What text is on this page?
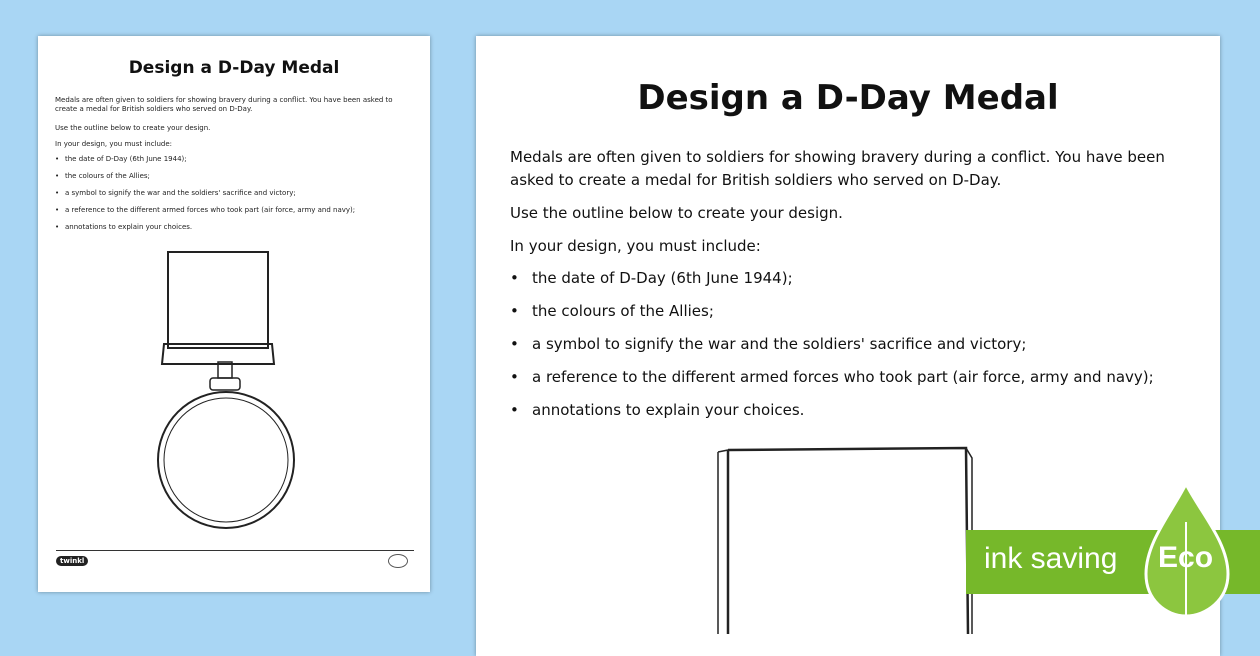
Design a D-Day Medal
Medals are often given to soldiers for showing bravery during a conflict. You have been asked to create a medal for British soldiers who served on D-Day.
Use the outline below to create your design.
In your design, you must include:
• the date of D-Day (6th June 1944);
• the colours of the Allies;
• a symbol to signify the war and the soldiers' sacrifice and victory;
• a reference to the different armed forces who took part (air force, army and navy);
• annotations to explain your choices.
twinkl
Design a D-Day Medal
Medals are often given to soldiers for showing bravery during a conflict. You have been asked to create a medal for British soldiers who served on D-Day.
Use the outline below to create your design.
In your design, you must include:
• the date of D-Day (6th June 1944);
• the colours of the Allies;
• a symbol to signify the war and the soldiers' sacrifice and victory;
• a reference to the different armed forces who took part (air force, army and navy);
• annotations to explain your choices.
ink saving Eco
